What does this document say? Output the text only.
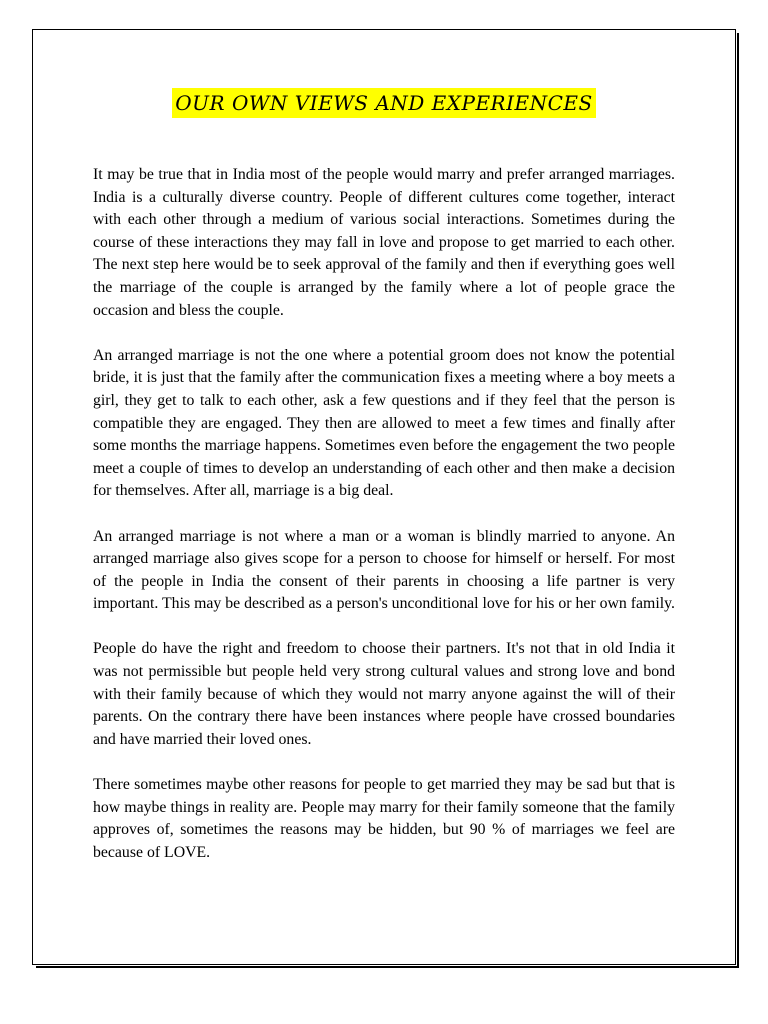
OUR OWN VIEWS AND EXPERIENCES

It may be true that in India most of the people would marry and prefer arranged marriages. India is a culturally diverse country. People of different cultures come together, interact with each other through a medium of various social interactions. Sometimes during the course of these interactions they may fall in love and propose to get married to each other. The next step here would be to seek approval of the family and then if everything goes well the marriage of the couple is arranged by the family where a lot of people grace the occasion and bless the couple.

An arranged marriage is not the one where a potential groom does not know the potential bride, it is just that the family after the communication fixes a meeting where a boy meets a girl, they get to talk to each other, ask a few questions and if they feel that the person is compatible they are engaged. They then are allowed to meet a few times and finally after some months the marriage happens. Sometimes even before the engagement the two people meet a couple of times to develop an understanding of each other and then make a decision for themselves. After all, marriage is a big deal.

An arranged marriage is not where a man or a woman is blindly married to anyone. An arranged marriage also gives scope for a person to choose for himself or herself. For most of the people in India the consent of their parents in choosing a life partner is very important. This may be described as a person's unconditional love for his or her own family.

People do have the right and freedom to choose their partners. It's not that in old India it was not permissible but people held very strong cultural values and strong love and bond with their family because of which they would not marry anyone against the will of their parents. On the contrary there have been instances where people have crossed boundaries and have married their loved ones.

There sometimes maybe other reasons for people to get married they may be sad but that is how maybe things in reality are. People may marry for their family someone that the family approves of, sometimes the reasons may be hidden, but 90 % of marriages we feel are because of LOVE.
